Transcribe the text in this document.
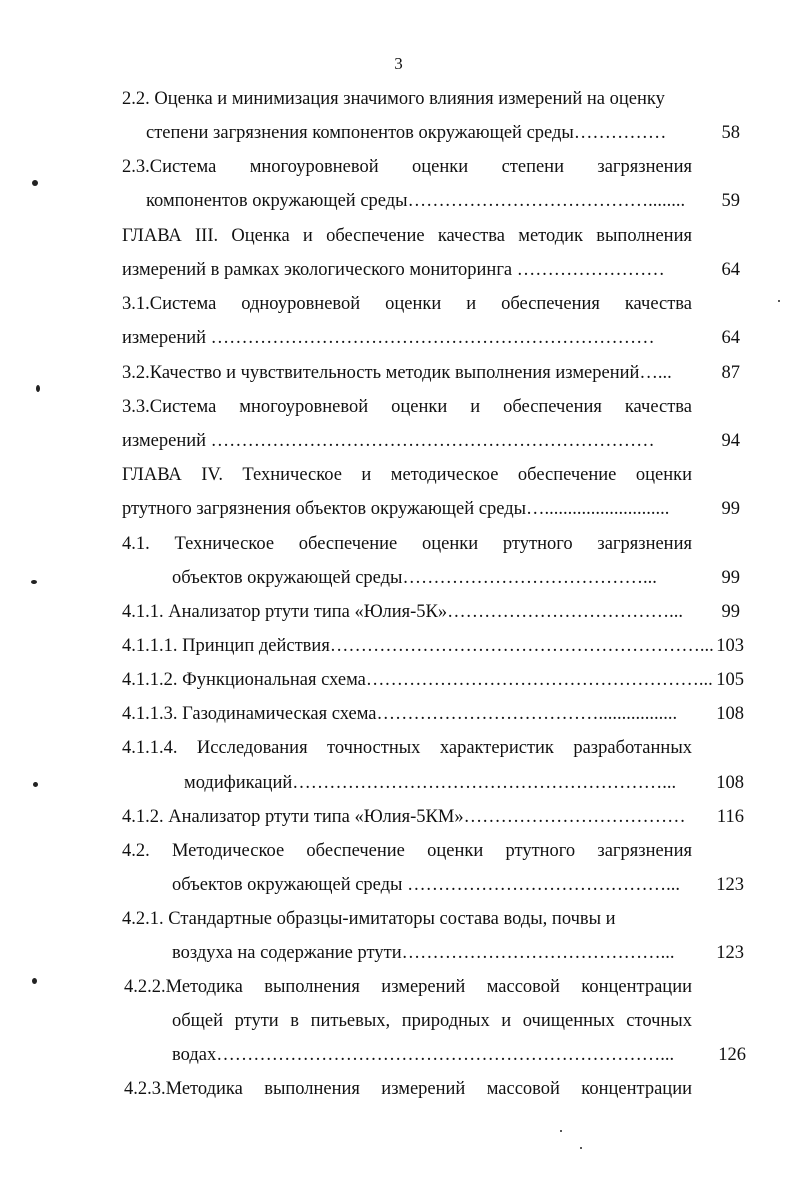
3
2.2. Оценка и минимизация значимого влияния измерений на оценку
степени загрязнения компонентов окружающей среды……………	58
2.3.Система многоуровневой оценки степени загрязнения
компонентов окружающей среды…………………………………........	59
ГЛАВА III. Оценка и обеспечение качества методик выполнения
измерений в рамках экологического мониторинга ……………………	64
3.1.Система одноуровневой оценки и обеспечения качества
измерений ………………………………………………………………	64
3.2.Качество и чувствительность методик выполнения измерений…...	87
3.3.Система многоуровневой оценки и обеспечения качества
измерений ………………………………………………………………	94
ГЛАВА IV. Техническое и методическое обеспечение оценки
ртутного загрязнения объектов окружающей среды…...........................	99
4.1. Техническое обеспечение оценки ртутного загрязнения
объектов окружающей среды…………………………………...	99
4.1.1. Анализатор ртути типа «Юлия-5К»………………………………...	99
4.1.1.1. Принцип действия……………………………………………………... 103
4.1.1.2. Функциональная схема………………………………………………... 105
4.1.1.3. Газодинамическая схема……………………………….................	108
4.1.1.4. Исследования точностных характеристик разработанных
модификаций……………………………………………………...	108
4.1.2. Анализатор ртути типа «Юлия-5КМ»………………………………	116
4.2. Методическое обеспечение оценки ртутного загрязнения
объектов окружающей среды ……………………………………...	123
4.2.1. Стандартные образцы-имитаторы состава воды, почвы и
воздуха на содержание ртути……………………………………...	123
4.2.2.Методика выполнения измерений массовой концентрации
общей ртути в питьевых, природных и очищенных сточных
водах………………………………………………………………...	126
4.2.3.Методика выполнения измерений массовой концентрации
